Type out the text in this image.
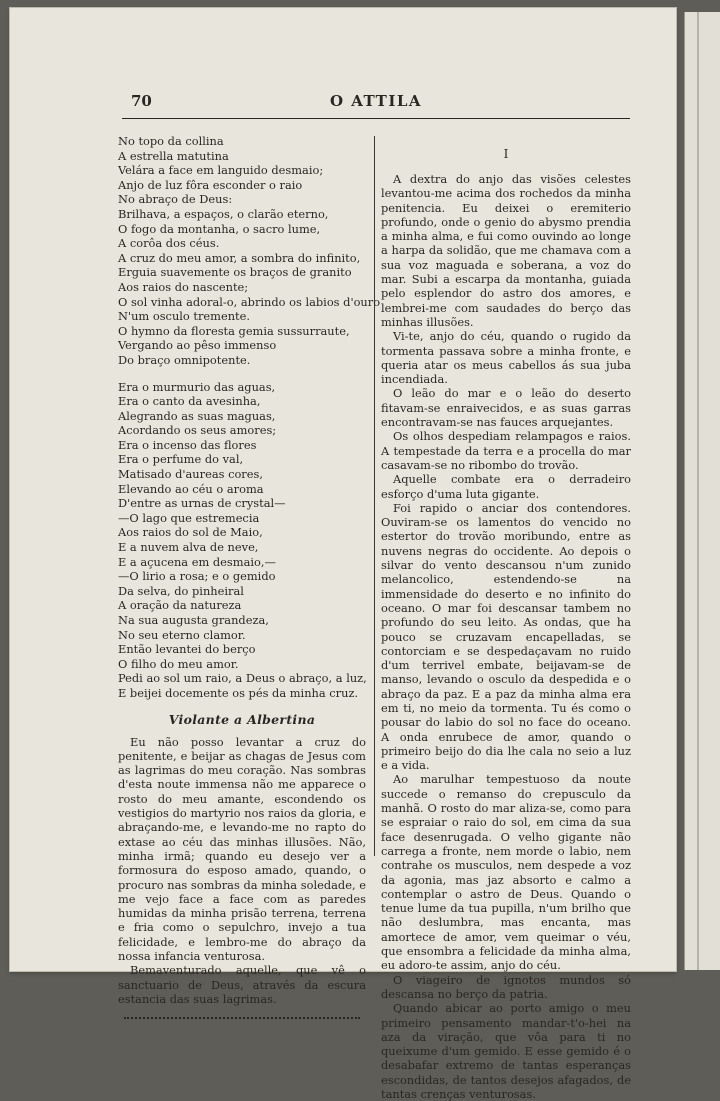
70	O ATTILA
No topo da collina
A estrella matutina
Velára a face em languido desmaio;
Anjo de luz fôra esconder o raio
No abraço de Deus:
Brilhava, a espaços, o clarão eterno,
O fogo da montanha, o sacro lume,
A corôa dos céus.
A cruz do meu amor, a sombra do infinito,
Erguia suavemente os braços de granito
Aos raios do nascente;
O sol vinha adoral-o, abrindo os labios d'ouro
N'um osculo tremente.
O hymno da floresta gemia sussurraute,
Vergando ao pêso immenso
Do braço omnipotente.
Era o murmurio das aguas,
Era o canto da avesinha,
Alegrando as suas maguas,
Acordando os seus amores;
Era o incenso das flores
Era o perfume do val,
Matisado d'aureas cores,
Elevando ao céu o aroma
D'entre as urnas de crystal—
—O lago que estremecia
Aos raios do sol de Maio,
E a nuvem alva de neve,
E a açucena em desmaio,—
—O lirio a rosa; e o gemido
Da selva, do pinheiral
A oração da natureza
Na sua augusta grandeza,
No seu eterno clamor.
Então levantei do berço
O filho do meu amor.
Pedi ao sol um raio, a Deus o abraço, a luz,
E beijei docemente os pés da minha cruz.
Violante a Albertina

Eu não posso levantar a cruz do penitente, e beijar as chagas de Jesus com as lagrimas do meu coração. Nas sombras d'esta noute immensa não me apparece o rosto do meu amante, escondendo os vestigios do martyrio nos raios da gloria, e abraçando-me, e levando-me no rapto do extase ao céu das minhas illusões. Não, minha irmã; quando eu desejo ver a formosura do esposo amado, quando, o procuro nas sombras da minha soledade, e me vejo face a face com as paredes humidas da minha prisão terrena, terrena e fria como o sepulchro, invejo a tua felicidade, e lembro-me do abraço da nossa infancia venturosa.

Bemaventurado aquelle, que vê o sanctuario de Deus, através da escura estancia das suas lagrimas.

I

A dextra do anjo das visões celestes levantou-me acima dos rochedos da minha penitencia. Eu deixei o eremiterio profundo, onde o genio do abysmo prendia a minha alma, e fui como ouvindo ao longe a harpa da solidão, que me chamava com a sua voz maguada e soberana, a voz do mar. Subi a escarpa da montanha, guiada pelo esplendor do astro dos amores, e lembrei-me com saudades do berço das minhas illusões.

Vi-te, anjo do céu, quando o rugido da tormenta passava sobre a minha fronte, e queria atar os meus cabellos ás sua juba incendiada.

O leão do mar e o leão do deserto fitavam-se enraivecidos, e as suas garras encontravam-se nas fauces arquejantes.

Os olhos despediam relampagos e raios. A tempestade da terra e a procella do mar casavam-se no ribombo do trovão.

Aquelle combate era o derradeiro esforço d'uma luta gigante.

Foi rapido o anciar dos contendores. Ouviram-se os lamentos do vencido no estertor do trovão moribundo, entre as nuvens negras do occidente. Ao depois o silvar do vento descansou n'um zunido melancolico, estendendo-se na immensidade do deserto e no infinito do oceano. O mar foi descansar tambem no profundo do seu leito. As ondas, que ha pouco se cruzavam encapelladas, se contorciam e se despedaçavam no ruido d'um terrivel embate, beijavam-se de manso, levando o osculo da despedida e o abraço da paz. E a paz da minha alma era em ti, no meio da tormenta. Tu és como o pousar do labio do sol no face do oceano. A onda enrubece de amor, quando o primeiro beijo do dia lhe cala no seio a luz e a vida.

Ao marulhar tempestuoso da noute succede o remanso do crepusculo da manhã. O rosto do mar aliza-se, como para se espraiar o raio do sol, em cima da sua face desenrugada. O velho gigante não carrega a fronte, nem morde o labio, nem contrahe os musculos, nem despede a voz da agonia, mas jaz absorto e calmo a contemplar o astro de Deus. Quando o tenue lume da tua pupilla, n'um brilho que não deslumbra, mas encanta, mas amortece de amor, vem queimar o véu, que ensombra a felicidade da minha alma, eu adoro-te assim, anjo do céu.

O viageiro de ignotos mundos só descansa no berço da patria.

Quando abicar ao porto amigo o meu primeiro pensamento mandar-t'o-hei na aza da viração, que vôa para ti no queixume d'um gemido. E esse gemido é o desabafar extremo de tantas esperanças escondidas, de tantos desejos afagados, de tantas crenças venturosas.
